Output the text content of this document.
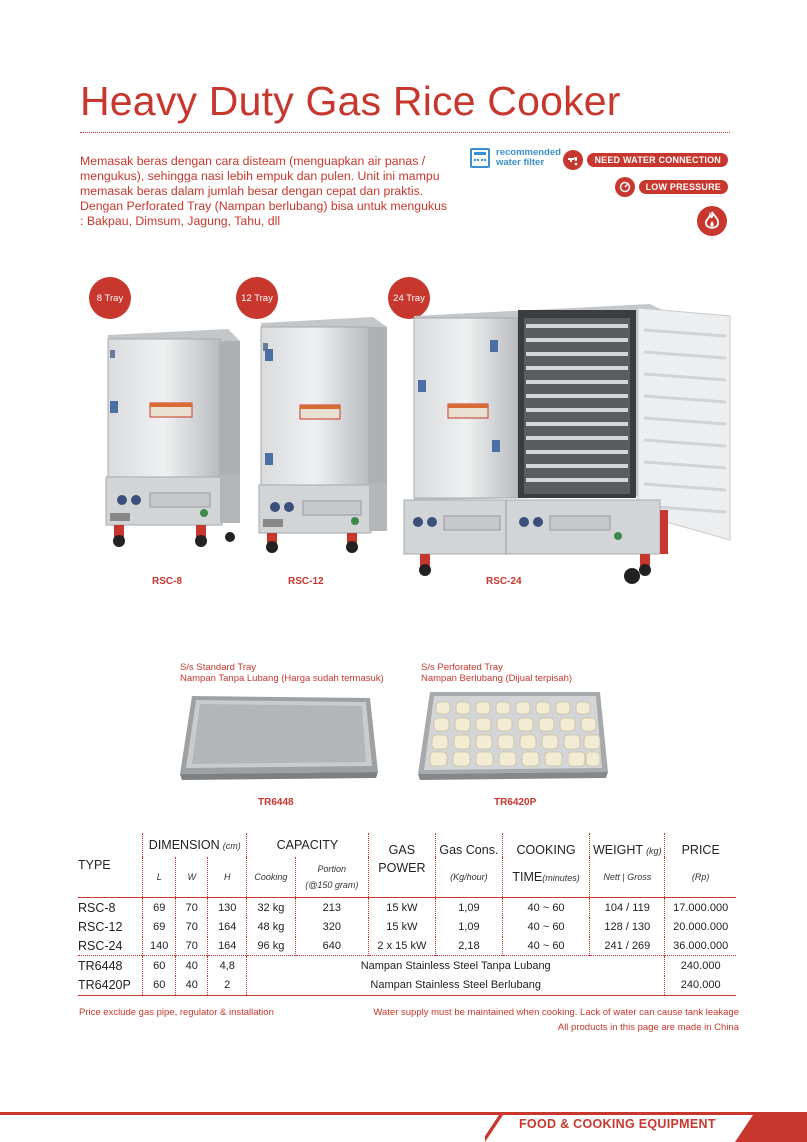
Heavy Duty Gas Rice Cooker
Memasak beras dengan cara disteam (menguapkan air panas / mengukus), sehingga nasi lebih empuk dan pulen. Unit ini mampu memasak beras dalam jumlah besar dengan cepat dan praktis. Dengan Perforated Tray (Nampan berlubang) bisa untuk mengukus : Bakpau, Dimsum, Jagung, Tahu, dll
recommended
water filter	NEED WATER CONNECTION
LOW PRESSURE
8 Tray	12 Tray	24 Tray
RSC-8	RSC-12	RSC-24
S/s Standard Tray
Nampan Tanpa Lubang (Harga sudah termasuk)
S/s Perforated Tray
Nampan Berlubang (Dijual terpisah)
TR6448	TR6420P
TYPE	DIMENSION (cm)			CAPACITY		GAS	Gas Cons.	COOKING	WEIGHT (kg)	PRICE
	L	W	H	Cooking	Portion
(@150 gram)	POWER	(Kg/hour)	TIME(minutes)	Nett | Gross	(Rp)

RSC-8	69	70	130	32 kg	213	15 kW	1,09	40 ~ 60	104 / 119	17.000.000
RSC-12	69	70	164	48 kg	320	15 kW	1,09	40 ~ 60	128 / 130	20.000.000
RSC-24	140	70	164	96 kg	640	2 x 15 kW	2,18	40 ~ 60	241 / 269	36.000.000
TR6448	60	40	4,8	Nampan Stainless Steel Tanpa Lubang						240.000
TR6420P	60	40	2	Nampan Stainless Steel Berlubang						240.000
Price exclude gas pipe, regulator & installation	Water supply must be maintained when cooking. Lack of water can cause tank leakage
All products in this page are made in China
FOOD & COOKING EQUIPMENT
